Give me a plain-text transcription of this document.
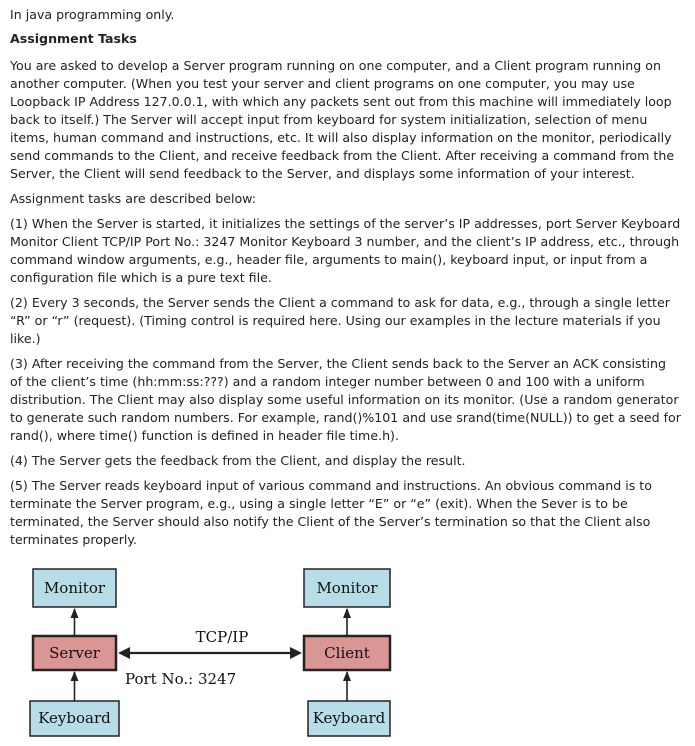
In java programming only.

Assignment Tasks

You are asked to develop a Server program running on one computer, and a Client program running on another computer. (When you test your server and client programs on one computer, you may use Loopback IP Address 127.0.0.1, with which any packets sent out from this machine will immediately loop back to itself.) The Server will accept input from keyboard for system initialization, selection of menu items, human command and instructions, etc. It will also display information on the monitor, periodically send commands to the Client, and receive feedback from the Client. After receiving a command from the Server, the Client will send feedback to the Server, and displays some information of your interest.

Assignment tasks are described below:

(1) When the Server is started, it initializes the settings of the server’s IP addresses, port Server Keyboard Monitor Client TCP/IP Port No.: 3247 Monitor Keyboard 3 number, and the client’s IP address, etc., through command window arguments, e.g., header file, arguments to main(), keyboard input, or input from a configuration file which is a pure text file.

(2) Every 3 seconds, the Server sends the Client a command to ask for data, e.g., through a single letter “R” or “r” (request). (Timing control is required here. Using our examples in the lecture materials if you like.)

(3) After receiving the command from the Server, the Client sends back to the Server an ACK consisting of the client’s time (hh:mm:ss:???) and a random integer number between 0 and 100 with a uniform distribution. The Client may also display some useful information on its monitor. (Use a random generator to generate such random numbers. For example, rand()%101 and use srand(time(NULL)) to get a seed for rand(), where time() function is defined in header file time.h).

(4) The Server gets the feedback from the Client, and display the result.

(5) The Server reads keyboard input of various command and instructions. An obvious command is to terminate the Server program, e.g., using a single letter “E” or “e” (exit). When the Sever is to be terminated, the Server should also notify the Client of the Server’s termination so that the Client also terminates properly.

Monitor
Server
Keyboard
Monitor
Client
Keyboard
TCP/IP
Port No.: 3247
